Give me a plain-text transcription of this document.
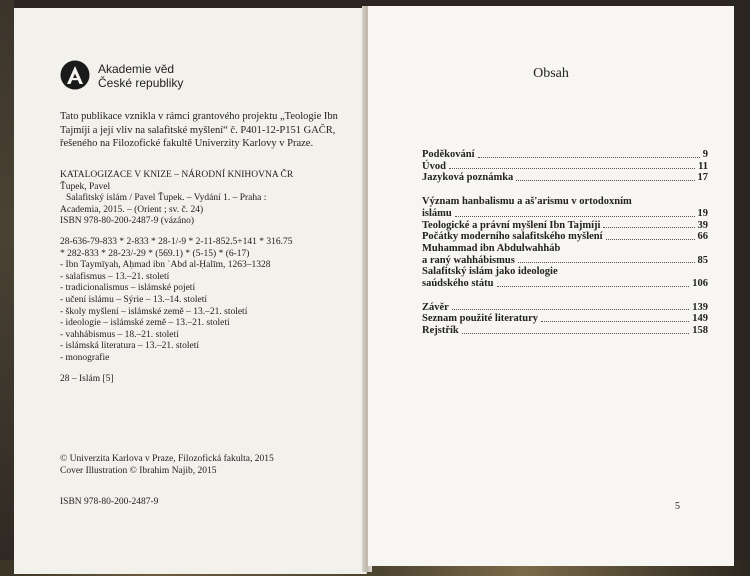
Akademie věd
České republiky
Tato publikace vznikla v rámci grantového projektu „Teologie Ibn Tajmíji a její vliv na salafitské myšlení“ č. P401-12-P151 GAČR, řešeného na Filozofické fakultě Univerzity Karlovy v Praze.
KATALOGIZACE V KNIZE – NÁRODNÍ KNIHOVNA ČR
Ťupek, Pavel
Salafitský islám / Pavel Ťupek. – Vydání 1. – Praha :
Academia, 2015. – (Orient ; sv. č. 24)
ISBN 978-80-200-2487-9 (vázáno)
28-636-79-833 * 2-833 * 28-1/-9 * 2-11-852.5+141 * 316.75
* 282-833 * 28-23/-29 * (569.1) * (5-15) * (6-17)
- Ibn Taymīyah, Aḥmad ibn ʿAbd al-Ḥalīm, 1263–1328
- salafismus – 13.–21. století
- tradicionalismus – islámské pojetí
- učení islámu – Sýrie – 13.–14. století
- školy myšlení – islámské země – 13.–21. století
- ideologie – islámské země – 13.–21. století
- vahhábismus – 18.–21. století
- islámská literatura – 13.–21. století
- monografie
28 – Islám [5]
© Univerzita Karlova v Praze, Filozofická fakulta, 2015
Cover Illustration © Ibrahim Najib, 2015
ISBN 978-80-200-2487-9
Obsah
Poděkování	9
Úvod	11
Jazyková poznámka	17
Význam hanbalismu a aš'arismu v ortodoxním
islámu	19
Teologické a právní myšlení Ibn Tajmíji	39
Počátky moderního salafitského myšlení	66
Muhammad ibn Abdulwahháb
a raný wahhábismus	85
Salafitský islám jako ideologie
saúdského státu	106
Závěr	139
Seznam použité literatury	149
Rejstřík	158
5
